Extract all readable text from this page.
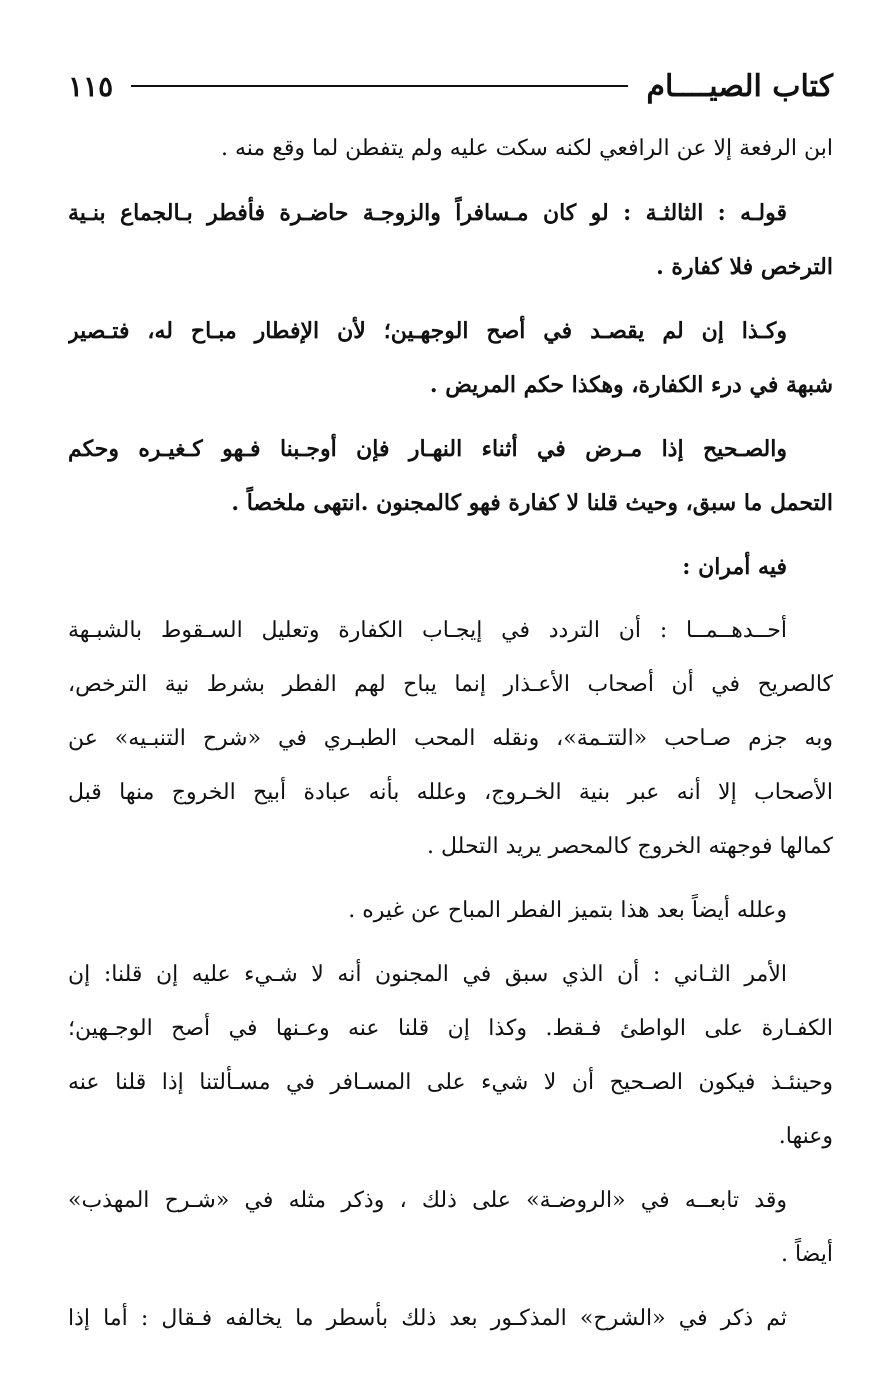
كتاب الصيــــام
١١٥
ابن الرفعة إلا عن الرافعي لكنه سكت عليه ولم يتفطن لما وقع منه .
قولـه : الثالثـة : لو كان مـسافراً والزوجـة حاضـرة فأفطر بـالجماع بنـية
الترخص فلا كفارة .
وكـذا إن لم يقصـد في أصح الوجهـين؛ لأن الإفطار مبـاح له، فتـصير
شبهة في درء الكفارة، وهكذا حكم المريض .
والصـحيح إذا مـرض في أثناء النهـار فإن أوجـبنا فـهو كـغيـره وحكم
التحمل ما سبق، وحيث قلنا لا كفارة فهو كالمجنون .انتهى ملخصاً .
فيه أمران :
أحــدهــمــا : أن التردد في إيجـاب الكفارة وتعليل السـقوط بالشبـهة
كالصريح في أن أصحاب الأعـذار إنما يباح لهم الفطر بشرط نية الترخص،
وبه جزم صـاحب «التتـمة»، ونقله المحب الطبـري في «شرح التنبـيه» عن
الأصحاب إلا أنه عبر بنية الخـروج، وعلله بأنه عبادة أبيح الخروج منها قبل
كمالها فوجهته الخروج كالمحصر يريد التحلل .
وعلله أيضاً بعد هذا بتميز الفطر المباح عن غيره .
الأمر الثـاني : أن الذي سبق في المجنون أنه لا شـيء عليه إن قلنا: إن
الكفـارة على الواطئ فـقط. وكذا إن قلنا عنه وعـنها في أصح الوجـهين؛
وحينئـذ فيكون الصـحيح أن لا شيء على المسـافر في مسـألتنا إذا قلنا عنه
وعنها.
وقد تابعــه في «الروضـة» على ذلك ، وذكر مثله في «شـرح المهذب»
أيضاً .
ثم ذكر في «الشرح» المذكـور بعد ذلك بأسطر ما يخالفه فـقال : أما إذا
